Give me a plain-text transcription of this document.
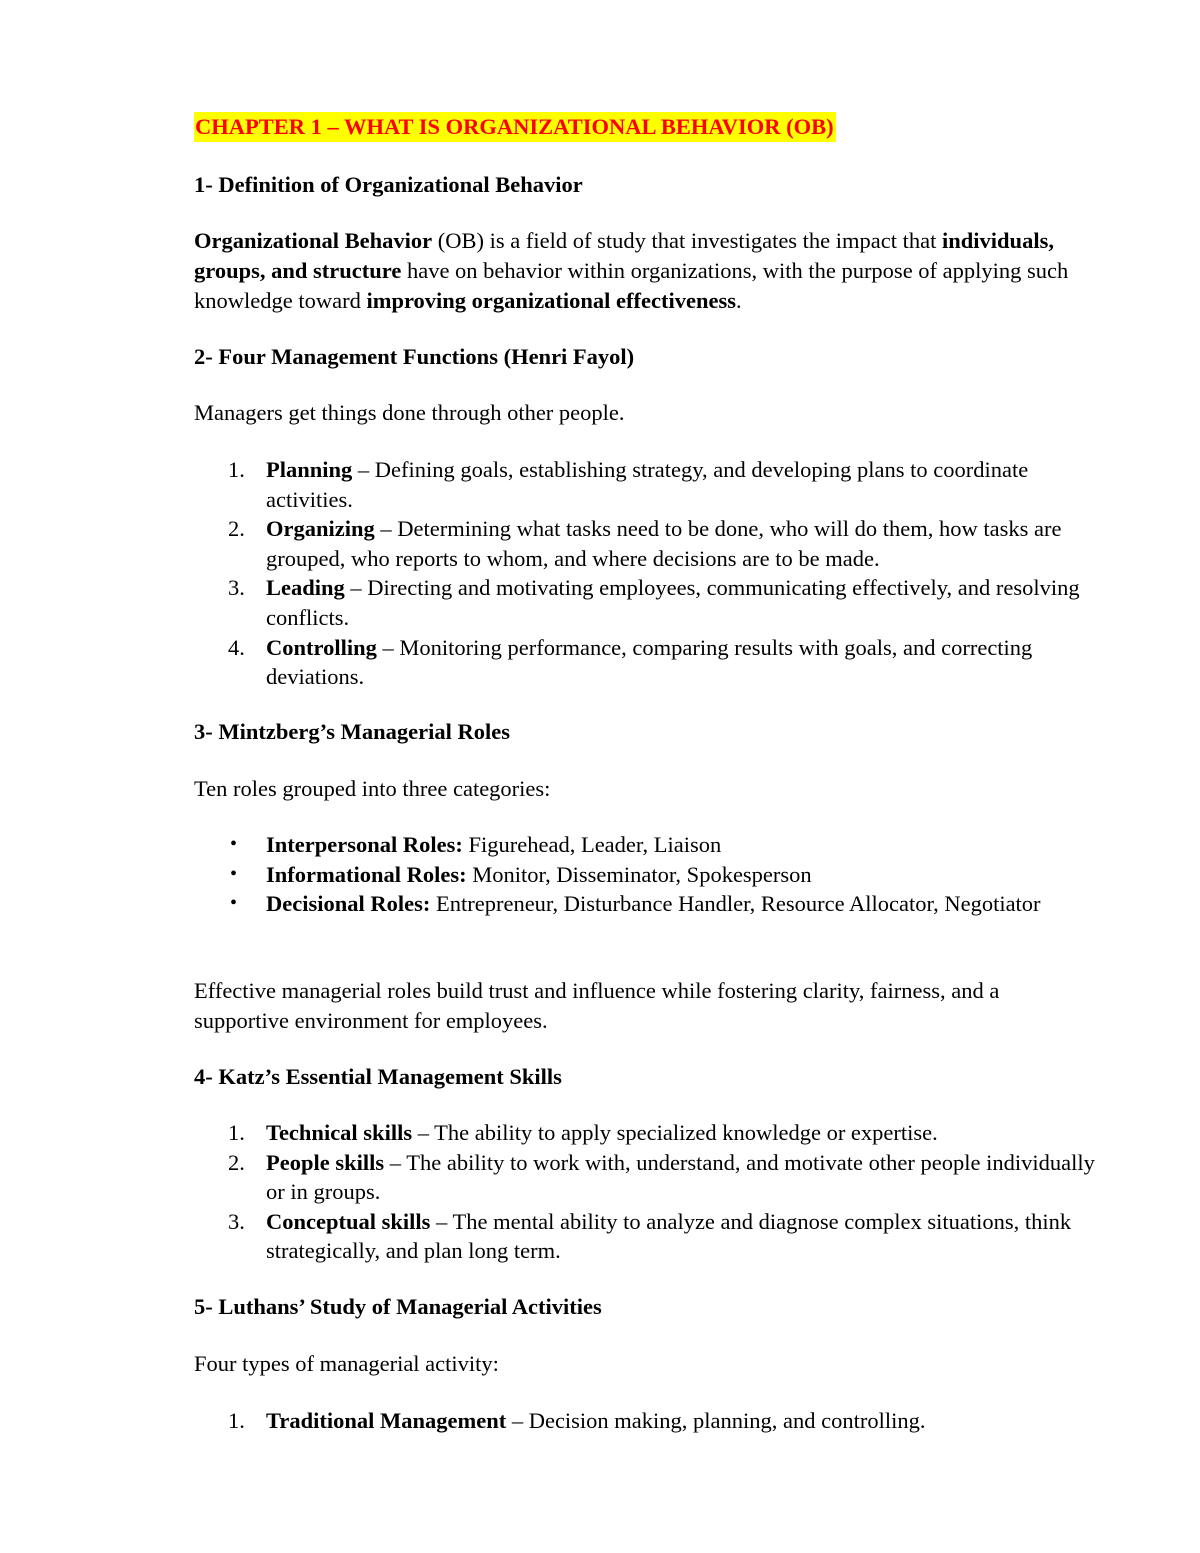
CHAPTER 1 – WHAT IS ORGANIZATIONAL BEHAVIOR (OB)

1- Definition of Organizational Behavior

Organizational Behavior (OB) is a field of study that investigates the impact that individuals, groups, and structure have on behavior within organizations, with the purpose of applying such knowledge toward improving organizational effectiveness.

2- Four Management Functions (Henri Fayol)

Managers get things done through other people.

1. Planning – Defining goals, establishing strategy, and developing plans to coordinate activities.
2. Organizing – Determining what tasks need to be done, who will do them, how tasks are grouped, who reports to whom, and where decisions are to be made.
3. Leading – Directing and motivating employees, communicating effectively, and resolving conflicts.
4. Controlling – Monitoring performance, comparing results with goals, and correcting deviations.

3- Mintzberg’s Managerial Roles

Ten roles grouped into three categories:

• Interpersonal Roles: Figurehead, Leader, Liaison
• Informational Roles: Monitor, Disseminator, Spokesperson
• Decisional Roles: Entrepreneur, Disturbance Handler, Resource Allocator, Negotiator

Effective managerial roles build trust and influence while fostering clarity, fairness, and a supportive environment for employees.

4- Katz’s Essential Management Skills

1. Technical skills – The ability to apply specialized knowledge or expertise.
2. People skills – The ability to work with, understand, and motivate other people individually or in groups.
3. Conceptual skills – The mental ability to analyze and diagnose complex situations, think strategically, and plan long term.

5- Luthans’ Study of Managerial Activities

Four types of managerial activity:

1. Traditional Management – Decision making, planning, and controlling.
